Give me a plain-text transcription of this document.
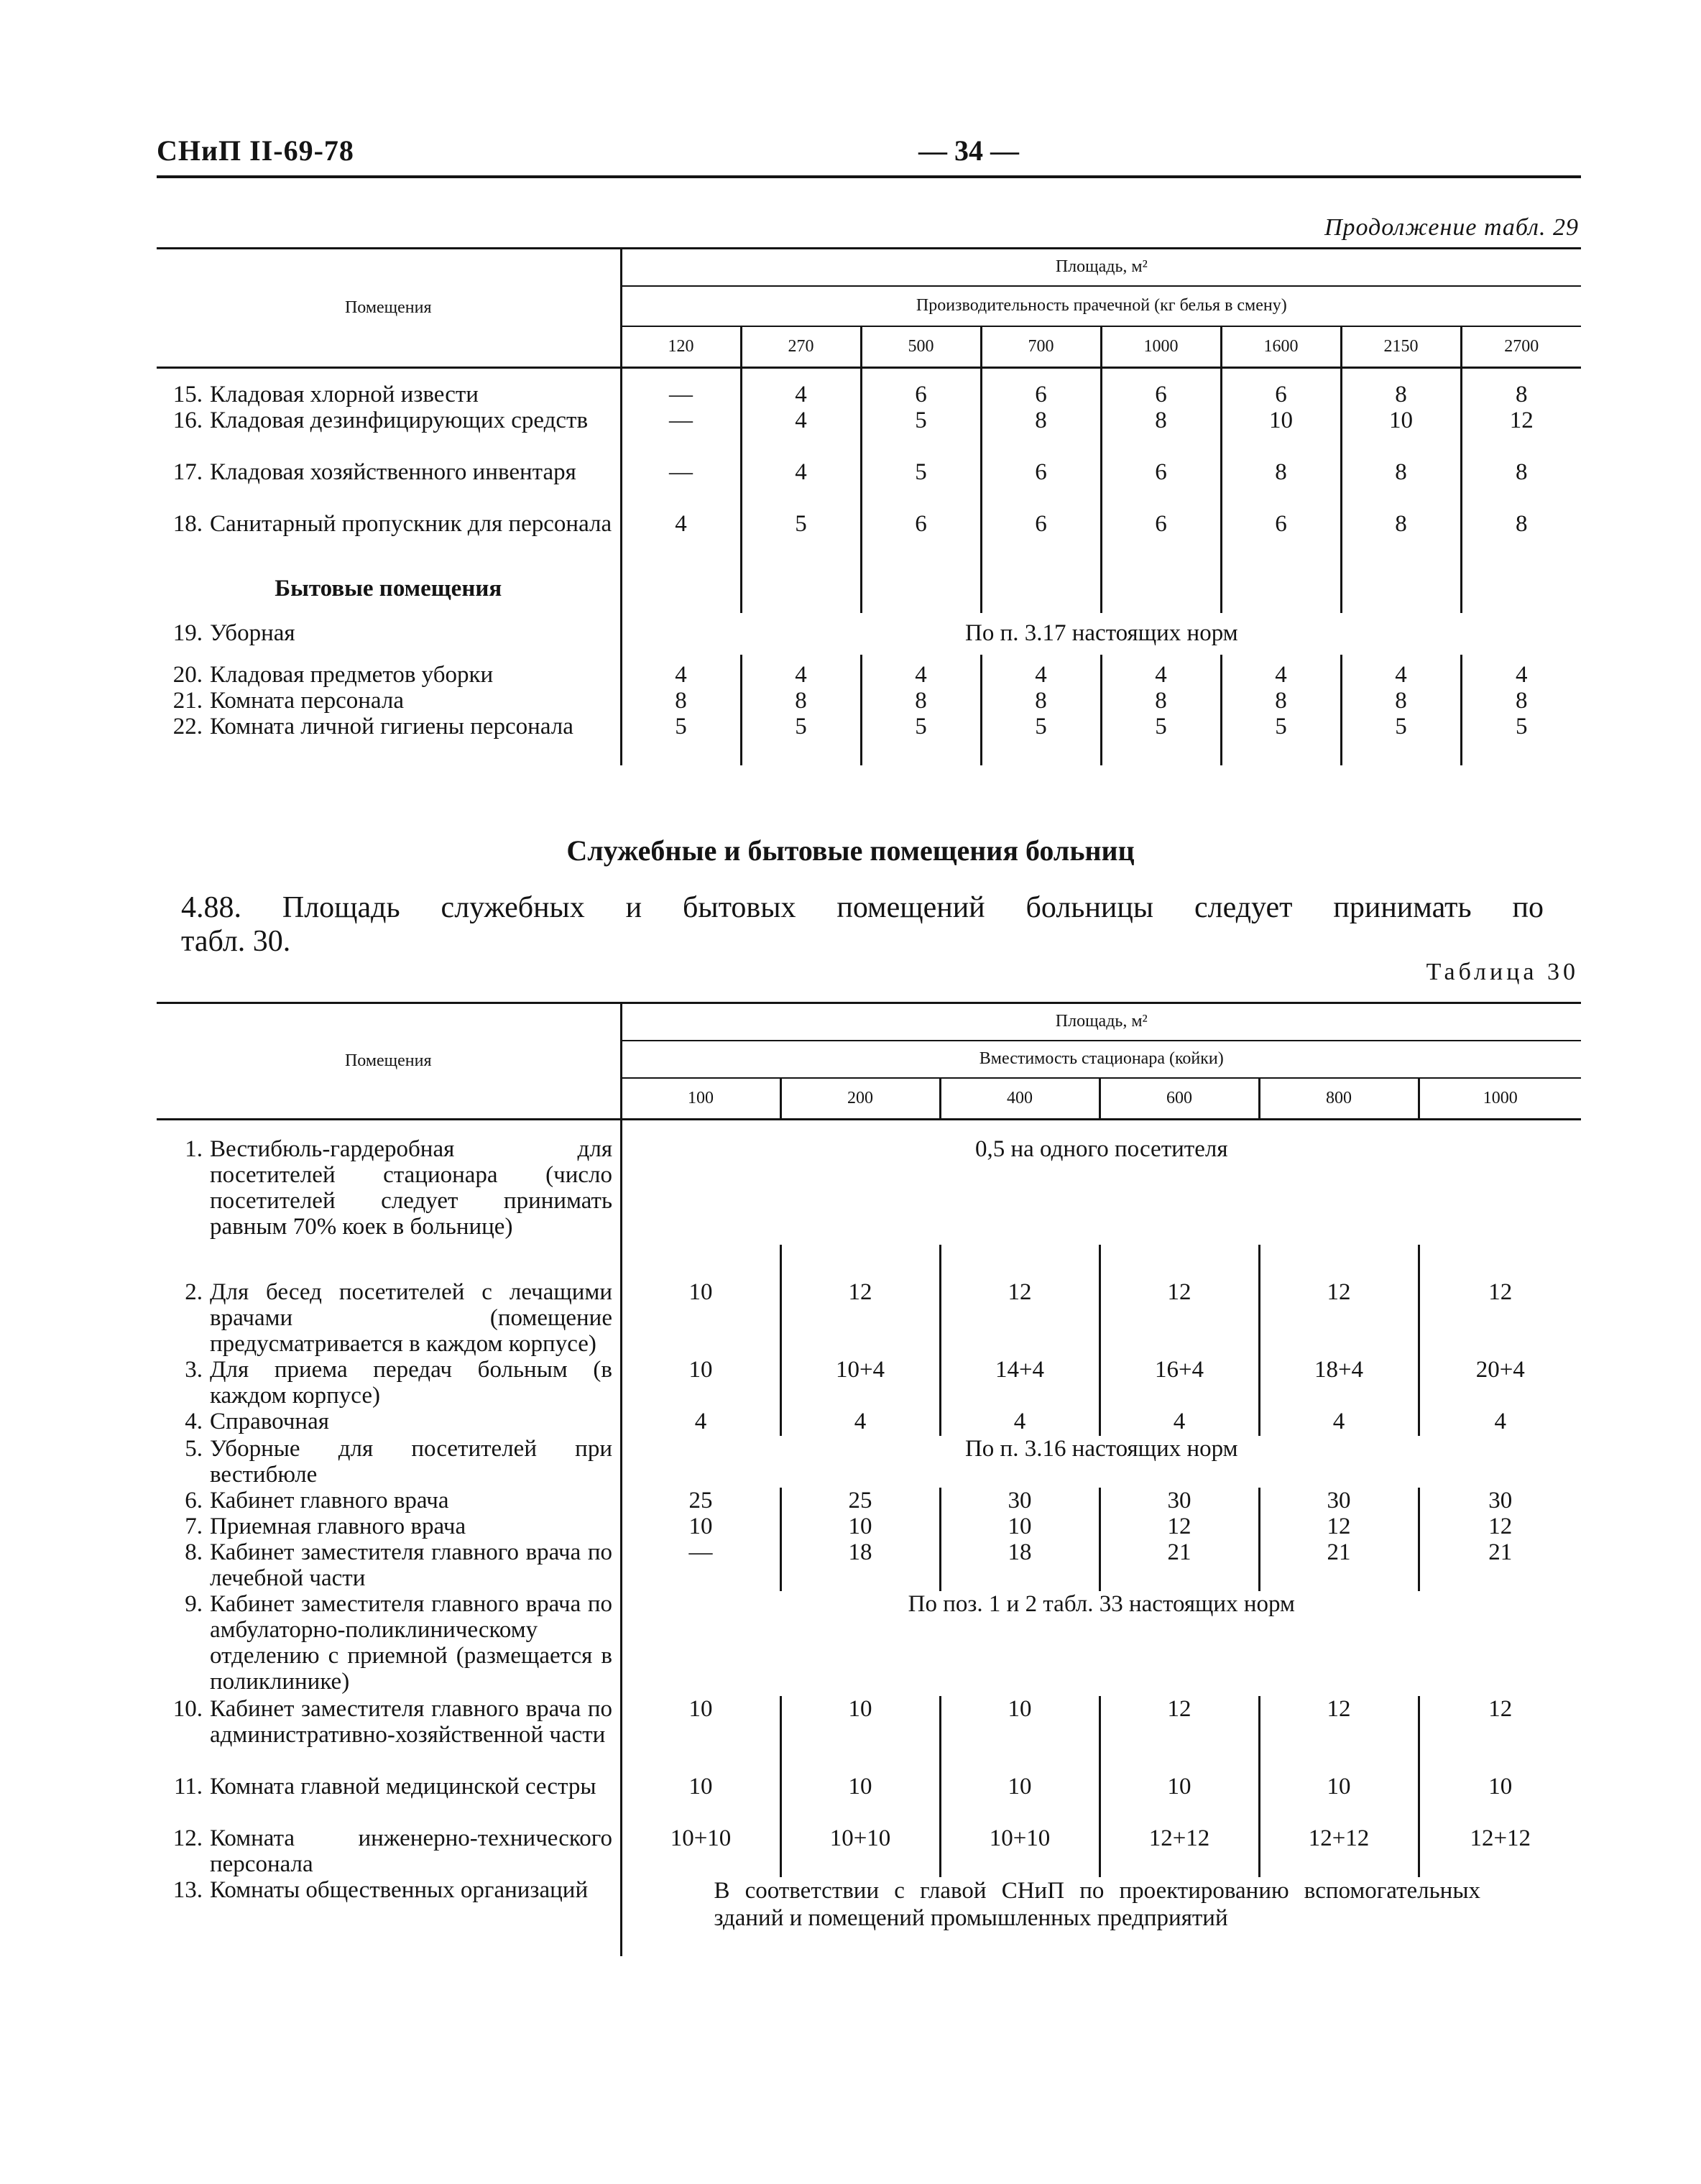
СНиП II-69-78	— 34 —
Продолжение табл. 29
Помещения	Площадь, м²							
	Производительность прачечной (кг белья в смену)							
	120	270	500	700	1000	1600	2150	2700
15. Кладовая хлорной извести	—	4	6	6	6	6	8	8
16. Кладовая дезинфицирующих средств	—	4	5	8	8	10	10	12
17. Кладовая хозяйственного инвентаря	—	4	5	6	6	8	8	8
18. Санитарный пропускник для персонала	4	5	6	6	6	6	8	8
Бытовые помещения								
19. Уборная	По п. 3.17 настоящих норм							
20. Кладовая предметов уборки	4	4	4	4	4	4	4	4
21. Комната персонала	8	8	8	8	8	8	8	8
22. Комната личной гигиены персонала	5	5	5	5	5	5	5	5
Служебные и бытовые помещения больниц
4.88. Площадь служебных и бытовых помещений больницы следует принимать по
табл. 30.
Таблица 30
Помещения	Площадь, м²					
	Вместимость стационара (койки)					
	100	200	400	600	800	1000
1. Вестибюль-гардеробная для посетителей стационара (число посетителей следует принимать равным 70% коек в больнице)	0,5 на одного посетителя					
2. Для бесед посетителей с лечащими врачами (помещение предусматривается в каждом корпусе)	10	12	12	12	12	12
3. Для приема передач больным (в каждом корпусе)	10	10+4	14+4	16+4	18+4	20+4
4. Справочная	4	4	4	4	4	4
5. Уборные для посетителей при вестибюле	По п. 3.16 настоящих норм					
6. Кабинет главного врача	25	25	30	30	30	30
7. Приемная главного врача	10	10	10	12	12	12
8. Кабинет заместителя главного врача по лечебной части	—	18	18	21	21	21
9. Кабинет заместителя главного врача по амбулаторно-поликлиническому отделению с приемной (размещается в поликлинике)	По поз. 1 и 2 табл. 33 настоящих норм					
10. Кабинет заместителя главного врача по административно-хозяйственной части	10	10	10	12	12	12
11. Комната главной медицинской сестры	10	10	10	10	10	10
12. Комната инженерно-технического персонала	10+10	10+10	10+10	12+12	12+12	12+12
13. Комнаты общественных организаций	В соответствии с главой СНиП по проектированию вспомогательных зданий и помещений промышленных предприятий					
